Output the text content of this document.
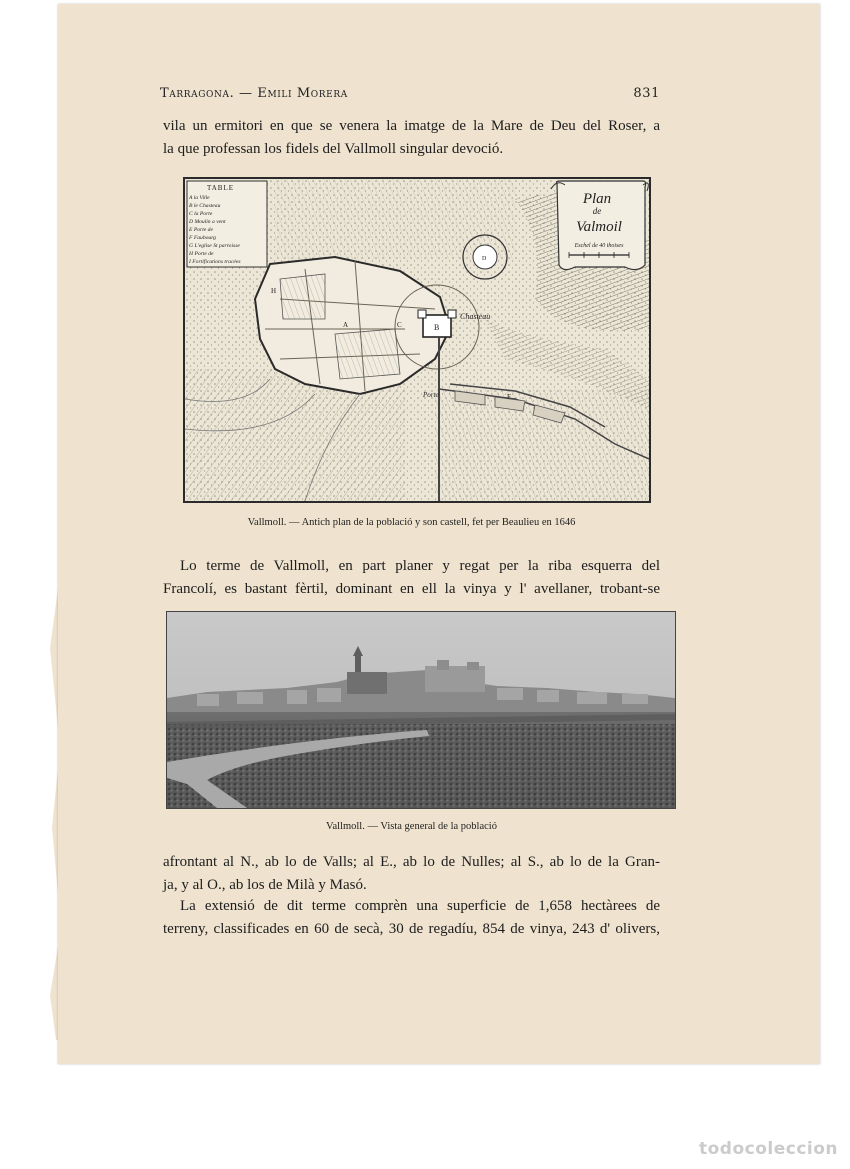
Tarragona. — Emili Morera	831
vila un ermitori en que se venera la imatge de la Mare de Deu del Roser, a
la que professan los fidels del Vallmoll singular devoció.
B
D
Chasteau
Porte
A	C
F
H
TABLE
A la Ville
B le Chasteau
C la Porte
D Moulin a vent
E Porte de
F Faubourg
G L'eglise St parroisse
H Porte de
I Fortifications tracées
Plan
de
Valmoil
Eschel de 40 thoises
Vallmoll. — Antich plan de la població y son castell, fet per Beaulieu en 1646
Lo terme de Vallmoll, en part planer y regat per la riba esquerra del
Francolí, es bastant fèrtil, dominant en ell la vinya y l' avellaner, trobant-se
Vallmoll. — Vista general de la població
afrontant al N., ab lo de Valls; al E., ab lo de Nulles; al S., ab lo de la Gran-
ja, y al O., ab los de Milà y Masó.
La extensió de dit terme comprèn una superficie de 1,658 hectàrees de
terreny, classificades en 60 de secà, 30 de regadíu, 854 de vinya, 243 d' olivers,
todocoleccion
